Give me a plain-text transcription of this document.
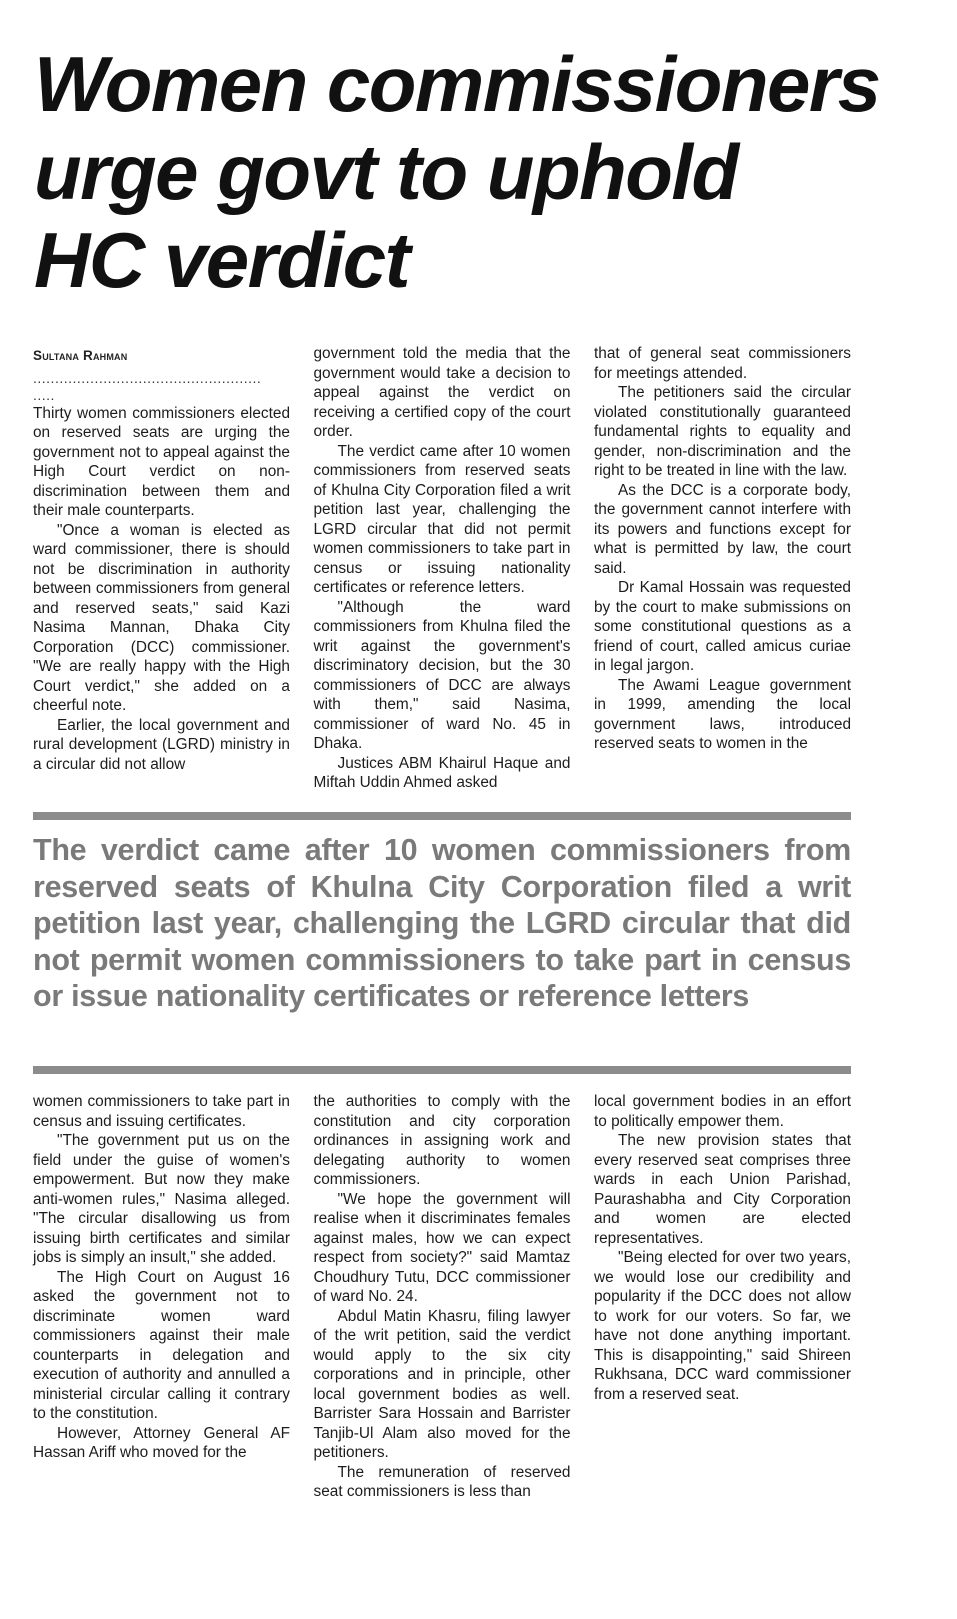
Women commissioners
urge govt to uphold
HC verdict
Sultana Rahman
....................................................
.....

Thirty women commissioners elected on reserved seats are urging the government not to appeal against the High Court verdict on non-discrimination between them and their male counterparts.

"Once a woman is elected as ward commissioner, there is should not be discrimination in authority between commissioners from general and reserved seats," said Kazi Nasima Mannan, Dhaka City Corporation (DCC) commissioner. "We are really happy with the High Court verdict," she added on a cheerful note.

Earlier, the local government and rural development (LGRD) ministry in a circular did not allow

government told the media that the government would take a decision to appeal against the verdict on receiving a certified copy of the court order.

The verdict came after 10 women commissioners from reserved seats of Khulna City Corporation filed a writ petition last year, challenging the LGRD circular that did not permit women commissioners to take part in census or issuing nationality certificates or reference letters.

"Although the ward commissioners from Khulna filed the writ against the government's discriminatory decision, but the 30 commissioners of DCC are always with them," said Nasima, commissioner of ward No. 45 in Dhaka.

Justices ABM Khairul Haque and Miftah Uddin Ahmed asked

that of general seat commissioners for meetings attended.

The petitioners said the circular violated constitutionally guaranteed fundamental rights to equality and gender, non-discrimination and the right to be treated in line with the law.

As the DCC is a corporate body, the government cannot interfere with its powers and functions except for what is permitted by law, the court said.

Dr Kamal Hossain was requested by the court to make submissions on some constitutional questions as a friend of court, called amicus curiae in legal jargon.

The Awami League government in 1999, amending the local government laws, introduced reserved seats to women in the

The verdict came after 10 women commissioners from reserved seats of Khulna City Corporation filed a writ petition last year, challenging the LGRD circular that did not permit women commissioners to take part in census or issue nationality certificates or reference letters

women commissioners to take part in census and issuing certificates.

"The government put us on the field under the guise of women's empowerment. But now they make anti-women rules," Nasima alleged. "The circular disallowing us from issuing birth certificates and similar jobs is simply an insult," she added.

The High Court on August 16 asked the government not to discriminate women ward commissioners against their male counterparts in delegation and execution of authority and annulled a ministerial circular calling it contrary to the constitution.

However, Attorney General AF Hassan Ariff who moved for the

the authorities to comply with the constitution and city corporation ordinances in assigning work and delegating authority to women commissioners.

"We hope the government will realise when it discriminates females against males, how we can expect respect from society?" said Mamtaz Choudhury Tutu, DCC commissioner of ward No. 24.

Abdul Matin Khasru, filing lawyer of the writ petition, said the verdict would apply to the six city corporations and in principle, other local government bodies as well. Barrister Sara Hossain and Barrister Tanjib-Ul Alam also moved for the petitioners.

The remuneration of reserved seat commissioners is less than

local government bodies in an effort to politically empower them.

The new provision states that every reserved seat comprises three wards in each Union Parishad, Paurashabha and City Corporation and women are elected representatives.

"Being elected for over two years, we would lose our credibility and popularity if the DCC does not allow to work for our voters. So far, we have not done anything important. This is disappointing," said Shireen Rukhsana, DCC ward commissioner from a reserved seat.
